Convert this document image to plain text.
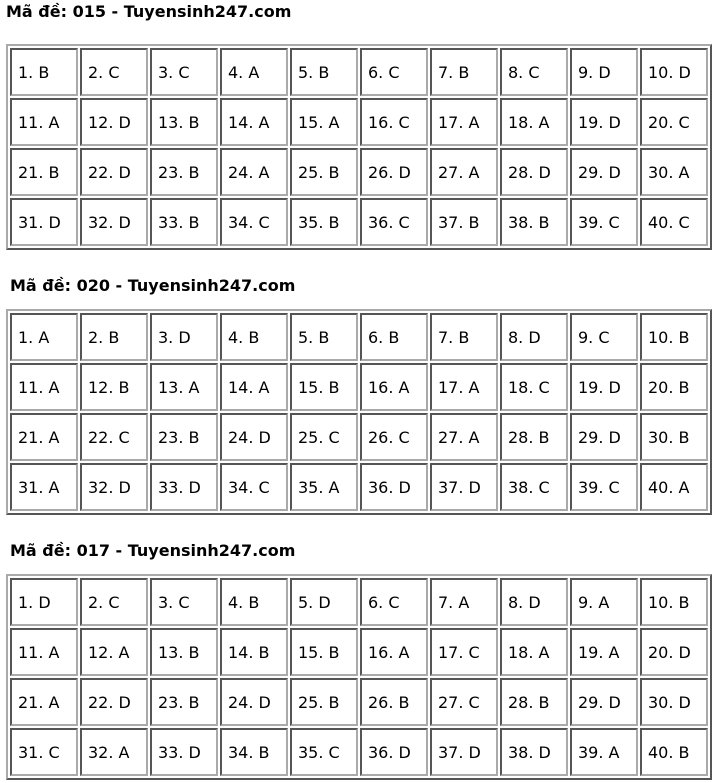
Mã đề: 015 - Tuyensinh247.com
1. B	2. C	3. C	4. A	5. B	6. C	7. B	8. C	9. D	10. D
11. A	12. D	13. B	14. A	15. A	16. C	17. A	18. A	19. D	20. C
21. B	22. D	23. B	24. A	25. B	26. D	27. A	28. D	29. D	30. A
31. D	32. D	33. B	34. C	35. B	36. C	37. B	38. B	39. C	40. C
Mã đề: 020 - Tuyensinh247.com
1. A	2. B	3. D	4. B	5. B	6. B	7. B	8. D	9. C	10. B
11. A	12. B	13. A	14. A	15. B	16. A	17. A	18. C	19. D	20. B
21. A	22. C	23. B	24. D	25. C	26. C	27. A	28. B	29. D	30. B
31. A	32. D	33. D	34. C	35. A	36. D	37. D	38. C	39. C	40. A
Mã đề: 017 - Tuyensinh247.com
1. D	2. C	3. C	4. B	5. D	6. C	7. A	8. D	9. A	10. B
11. A	12. A	13. B	14. B	15. B	16. A	17. C	18. A	19. A	20. D
21. A	22. D	23. B	24. D	25. B	26. B	27. C	28. B	29. D	30. D
31. C	32. A	33. D	34. B	35. C	36. D	37. D	38. D	39. A	40. B
